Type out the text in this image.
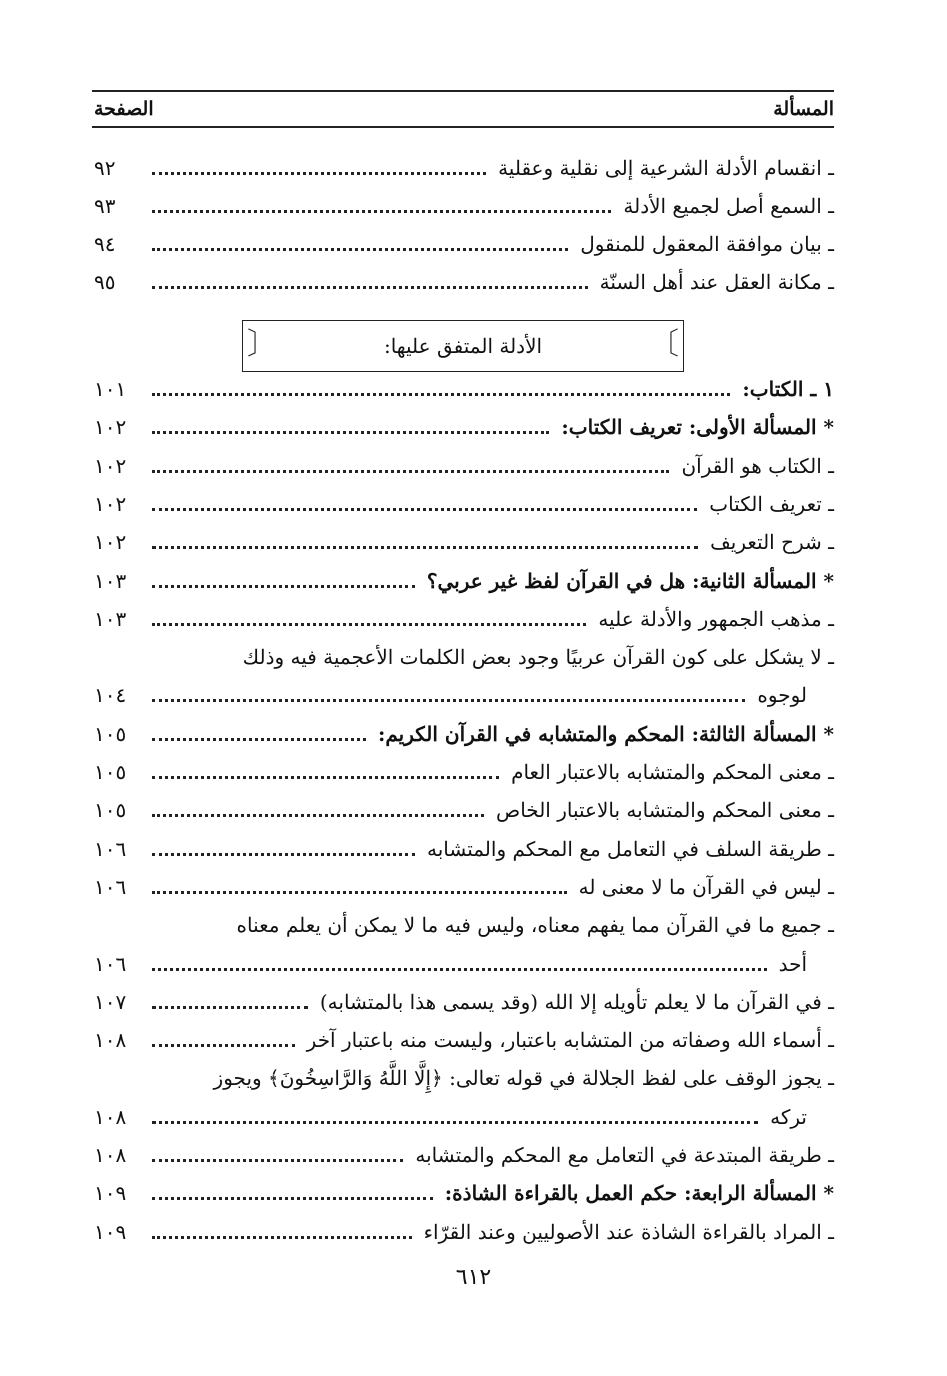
المسألة
الصفحة
ـ انقسام الأدلة الشرعية إلى نقلية وعقلية
٩٢
ـ السمع أصل لجميع الأدلة
٩٣
ـ بيان موافقة المعقول للمنقول
٩٤
ـ مكانة العقل عند أهل السنّة
٩٥
〔
الأدلة المتفق عليها:
〕
١ ـ الكتاب:
١٠١
* المسألة الأولى: تعريف الكتاب:
١٠٢
ـ الكتاب هو القرآن
١٠٢
ـ تعريف الكتاب
١٠٢
ـ شرح التعريف
١٠٢
* المسألة الثانية: هل في القرآن لفظ غير عربي؟
١٠٣
ـ مذهب الجمهور والأدلة عليه
١٠٣
ـ لا يشكل على كون القرآن عربيًا وجود بعض الكلمات الأعجمية فيه وذلك
لوجوه
١٠٤
* المسألة الثالثة: المحكم والمتشابه في القرآن الكريم:
١٠٥
ـ معنى المحكم والمتشابه بالاعتبار العام
١٠٥
ـ معنى المحكم والمتشابه بالاعتبار الخاص
١٠٥
ـ طريقة السلف في التعامل مع المحكم والمتشابه
١٠٦
ـ ليس في القرآن ما لا معنى له
١٠٦
ـ جميع ما في القرآن مما يفهم معناه، وليس فيه ما لا يمكن أن يعلم معناه
أحد
١٠٦
ـ في القرآن ما لا يعلم تأويله إلا الله (وقد يسمى هذا بالمتشابه)
١٠٧
ـ أسماء الله وصفاته من المتشابه باعتبار، وليست منه باعتبار آخر
١٠٨
ـ يجوز الوقف على لفظ الجلالة في قوله تعالى: ﴿إِلَّا اللَّهُ وَالرَّاسِخُونَ﴾ ويجوز
تركه
١٠٨
ـ طريقة المبتدعة في التعامل مع المحكم والمتشابه
١٠٨
* المسألة الرابعة: حكم العمل بالقراءة الشاذة:
١٠٩
ـ المراد بالقراءة الشاذة عند الأصوليين وعند القرّاء
١٠٩
٦١٢
